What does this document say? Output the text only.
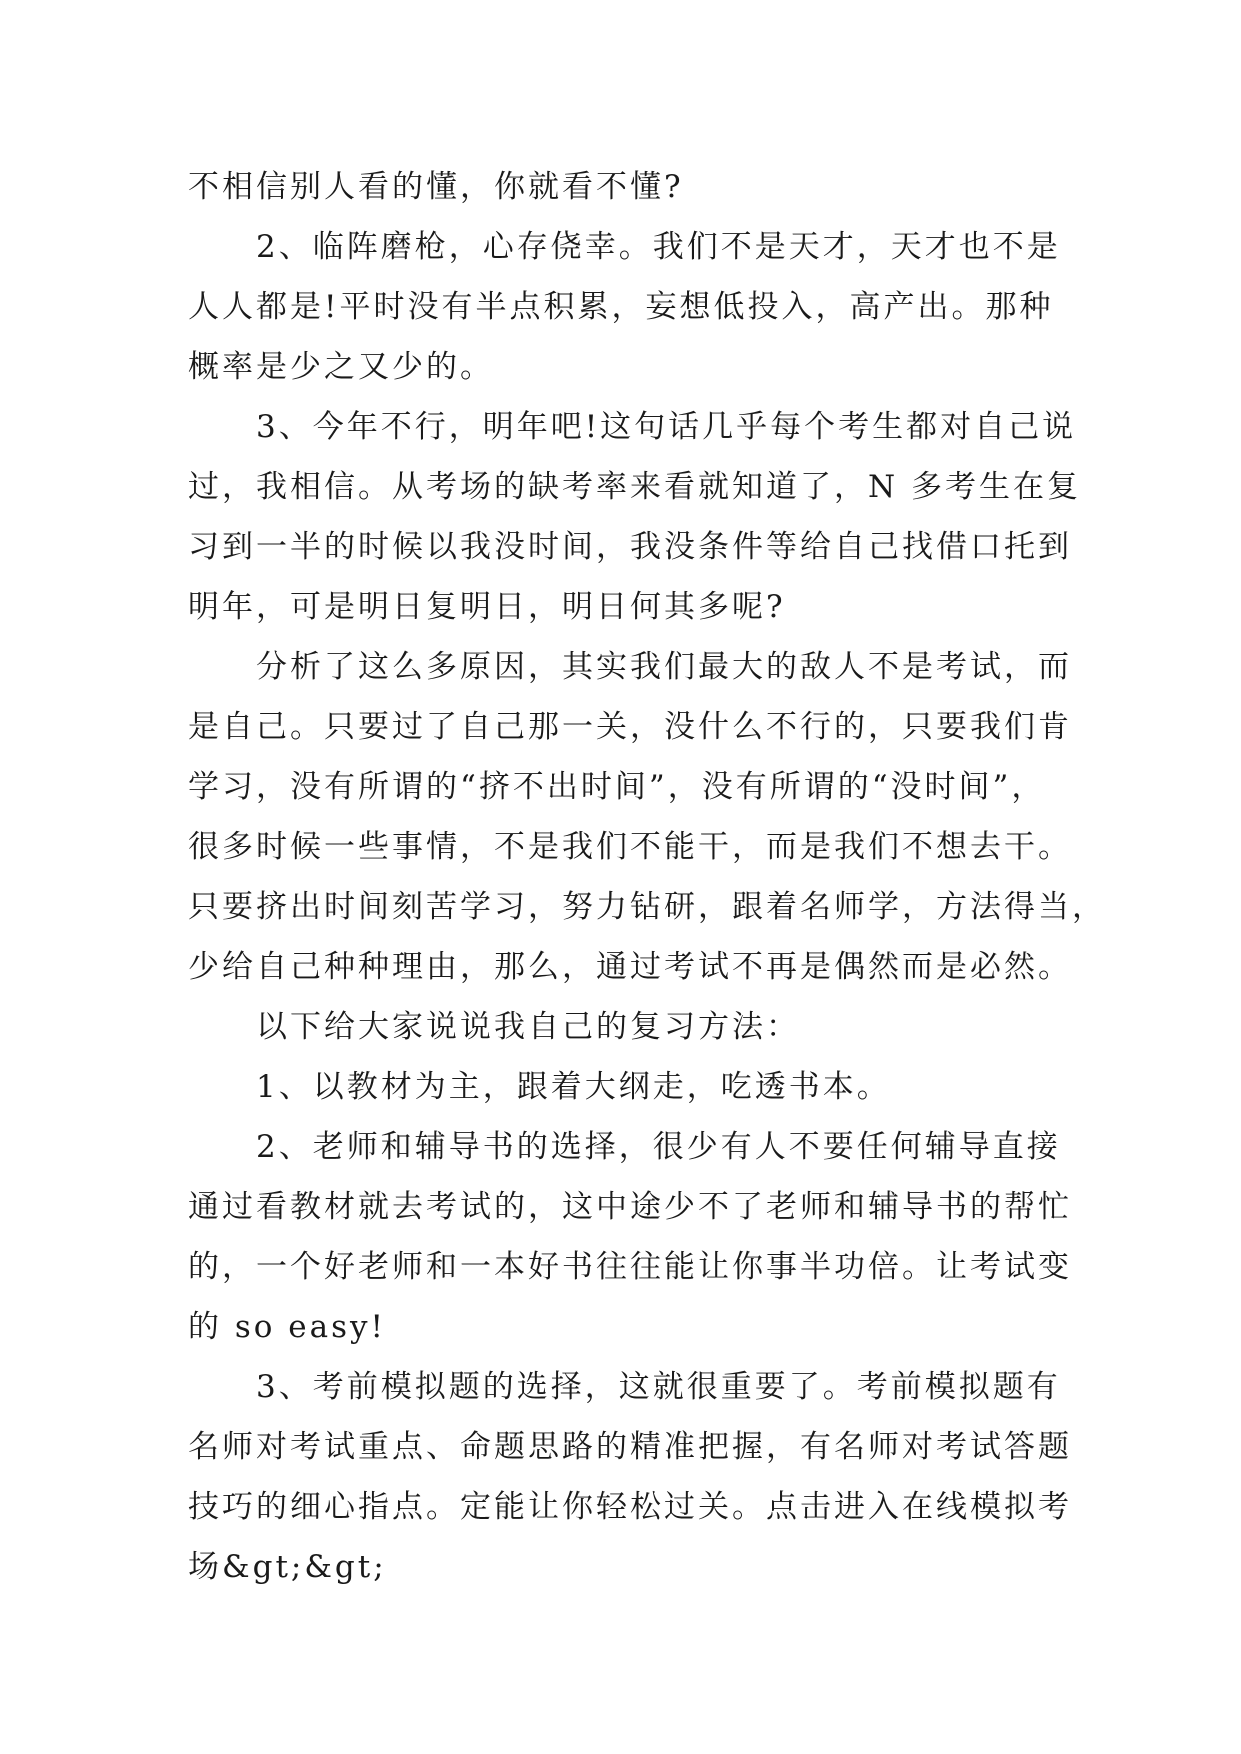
不相信别人看的懂，你就看不懂?
2、临阵磨枪，心存侥幸。我们不是天才，天才也不是
人人都是!平时没有半点积累，妄想低投入，高产出。那种
概率是少之又少的。
3、今年不行，明年吧!这句话几乎每个考生都对自己说
过，我相信。从考场的缺考率来看就知道了，N 多考生在复
习到一半的时候以我没时间，我没条件等给自己找借口托到
明年，可是明日复明日，明日何其多呢?
分析了这么多原因，其实我们最大的敌人不是考试，而
是自己。只要过了自己那一关，没什么不行的，只要我们肯
学习，没有所谓的“挤不出时间”，没有所谓的“没时间”，
很多时候一些事情，不是我们不能干，而是我们不想去干。
只要挤出时间刻苦学习，努力钻研，跟着名师学，方法得当，
少给自己种种理由，那么，通过考试不再是偶然而是必然。
以下给大家说说我自己的复习方法：
1、以教材为主，跟着大纲走，吃透书本。
2、老师和辅导书的选择，很少有人不要任何辅导直接
通过看教材就去考试的，这中途少不了老师和辅导书的帮忙
的，一个好老师和一本好书往往能让你事半功倍。让考试变
的 so easy!
3、考前模拟题的选择，这就很重要了。考前模拟题有
名师对考试重点、命题思路的精准把握，有名师对考试答题
技巧的细心指点。定能让你轻松过关。点击进入在线模拟考
场&gt;&gt;
